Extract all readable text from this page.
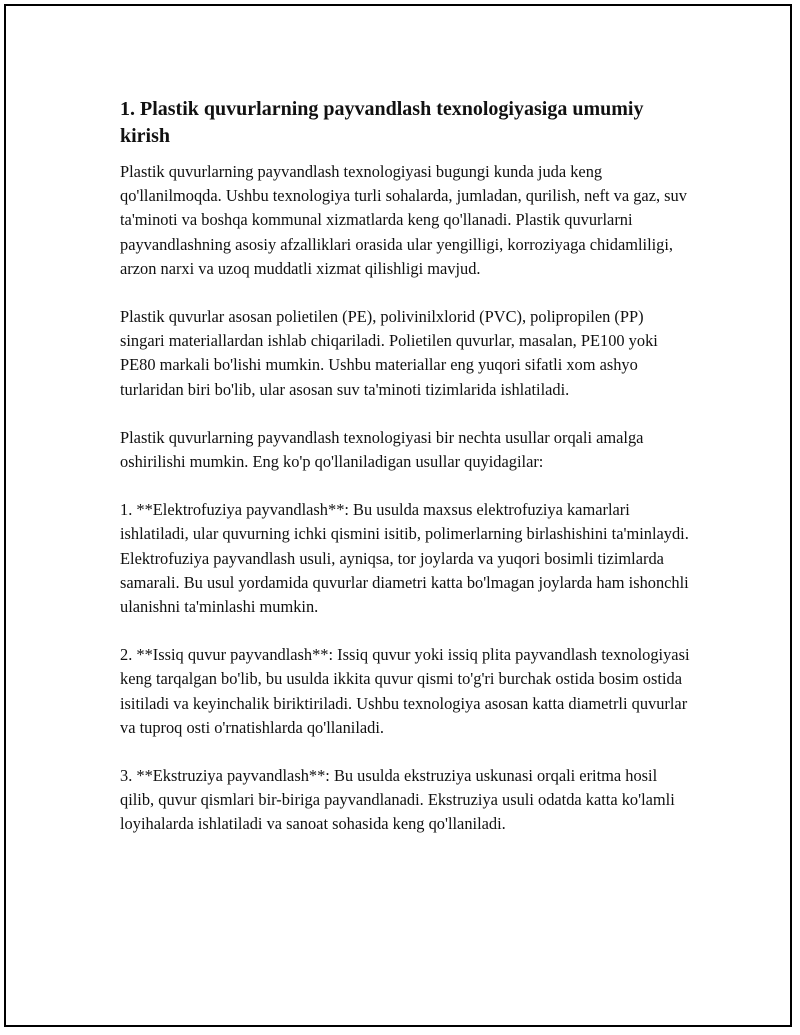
1. Plastik quvurlarning payvandlash texnologiyasiga umumiy kirish

Plastik quvurlarning payvandlash texnologiyasi bugungi kunda juda keng qo'llanilmoqda. Ushbu texnologiya turli sohalarda, jumladan, qurilish, neft va gaz, suv ta'minoti va boshqa kommunal xizmatlarda keng qo'llanadi. Plastik quvurlarni payvandlashning asosiy afzalliklari orasida ular yengilligi, korroziyaga chidamliligi, arzon narxi va uzoq muddatli xizmat qilishligi mavjud.

Plastik quvurlar asosan polietilen (PE), polivinilxlorid (PVC), polipropilen (PP) singari materiallardan ishlab chiqariladi. Polietilen quvurlar, masalan, PE100 yoki PE80 markali bo'lishi mumkin. Ushbu materiallar eng yuqori sifatli xom ashyo turlaridan biri bo'lib, ular asosan suv ta'minoti tizimlarida ishlatiladi.

Plastik quvurlarning payvandlash texnologiyasi bir nechta usullar orqali amalga oshirilishi mumkin. Eng ko'p qo'llaniladigan usullar quyidagilar:

1. **Elektrofuziya payvandlash**: Bu usulda maxsus elektrofuziya kamarlari ishlatiladi, ular quvurning ichki qismini isitib, polimerlarning birlashishini ta'minlaydi. Elektrofuziya payvandlash usuli, ayniqsa, tor joylarda va yuqori bosimli tizimlarda samarali. Bu usul yordamida quvurlar diametri katta bo'lmagan joylarda ham ishonchli ulanishni ta'minlashi mumkin.

2. **Issiq quvur payvandlash**: Issiq quvur yoki issiq plita payvandlash texnologiyasi keng tarqalgan bo'lib, bu usulda ikkita quvur qismi to'g'ri burchak ostida bosim ostida isitiladi va keyinchalik biriktiriladi. Ushbu texnologiya asosan katta diametrli quvurlar va tuproq osti o'rnatishlarda qo'llaniladi.

3. **Ekstruziya payvandlash**: Bu usulda ekstruziya uskunasi orqali eritma hosil qilib, quvur qismlari bir-biriga payvandlanadi. Ekstruziya usuli odatda katta ko'lamli loyihalarda ishlatiladi va sanoat sohasida keng qo'llaniladi.
